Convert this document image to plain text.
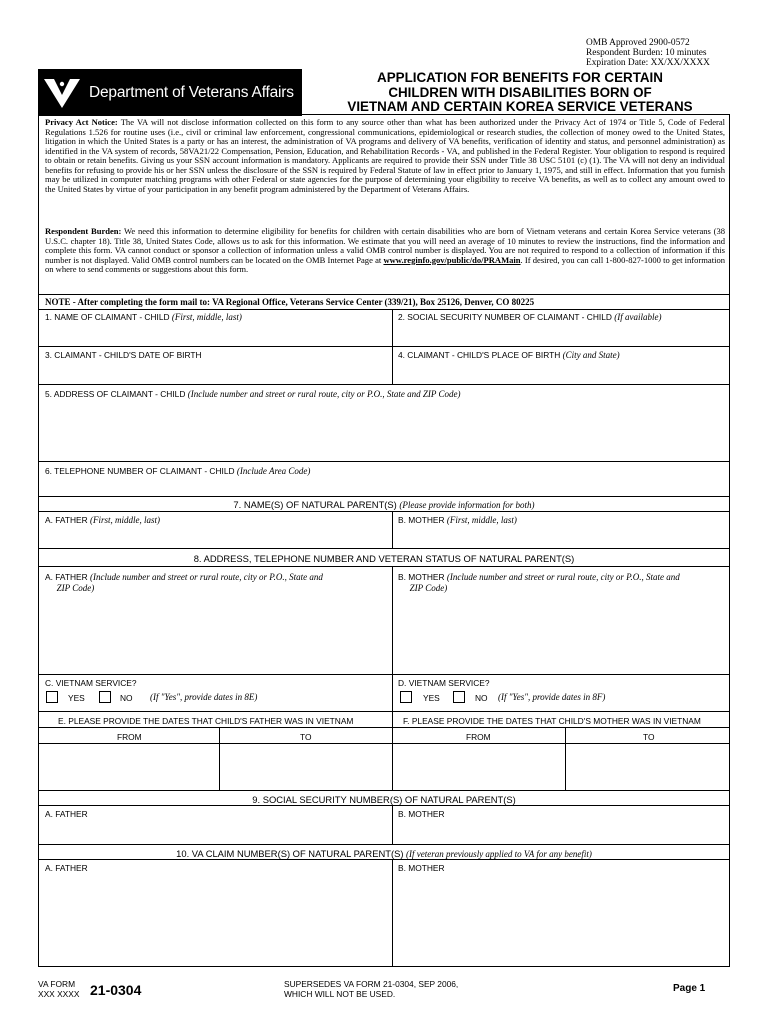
OMB Approved 2900-0572
Respondent Burden: 10 minutes
Expiration Date: XX/XX/XXXX
Department of Veterans Affairs
APPLICATION FOR BENEFITS FOR CERTAIN
CHILDREN WITH DISABILITIES BORN OF
VIETNAM AND CERTAIN KOREA SERVICE VETERANS
Privacy Act Notice: The VA will not disclose information collected on this form to any source other than what has been authorized under the Privacy Act of 1974 or Title 5, Code of Federal Regulations 1.526 for routine uses (i.e., civil or criminal law enforcement, congressional communications, epidemiological or research studies, the collection of money owed to the United States, litigation in which the United States is a party or has an interest, the administration of VA programs and delivery of VA benefits, verification of identity and status, and personnel administration) as identified in the VA system of records, 58VA21/22 Compensation, Pension, Education, and Rehabilitation Records - VA, and published in the Federal Register. Your obligation to respond is required to obtain or retain benefits. Giving us your SSN account information is mandatory. Applicants are required to provide their SSN under Title 38 USC 5101 (c) (1). The VA will not deny an individual benefits for refusing to provide his or her SSN unless the disclosure of the SSN is required by Federal Statute of law in effect prior to January 1, 1975, and still in effect. Information that you furnish may be utilized in computer matching programs with other Federal or state agencies for the purpose of determining your eligibility to receive VA benefits, as well as to collect any amount owed to the United States by virtue of your participation in any benefit program administered by the Department of Veterans Affairs.
Respondent Burden: We need this information to determine eligibility for benefits for children with certain disabilities who are born of Vietnam veterans and certain Korea Service veterans (38 U.S.C. chapter 18). Title 38, United States Code, allows us to ask for this information. We estimate that you will need an average of 10 minutes to review the instructions, find the information and complete this form. VA cannot conduct or sponsor a collection of information unless a valid OMB control number is displayed. You are not required to respond to a collection of information if this number is not displayed. Valid OMB control numbers can be located on the OMB Internet Page at www.reginfo.gov/public/do/PRAMain. If desired, you can call 1-800-827-1000 to get information on where to send comments or suggestions about this form.
NOTE - After completing the form mail to: VA Regional Office, Veterans Service Center (339/21), Box 25126, Denver, CO 80225
1. NAME OF CLAIMANT - CHILD (First, middle, last)	2. SOCIAL SECURITY NUMBER OF CLAIMANT - CHILD (If available)
3. CLAIMANT - CHILD'S DATE OF BIRTH	4. CLAIMANT - CHILD'S PLACE OF BIRTH (City and State)
5. ADDRESS OF CLAIMANT - CHILD (Include number and street or rural route, city or P.O., State and ZIP Code)
6. TELEPHONE NUMBER OF CLAIMANT - CHILD (Include Area Code)
7. NAME(S) OF NATURAL PARENT(S) (Please provide information for both)
A. FATHER (First, middle, last)	B. MOTHER (First, middle, last)
8. ADDRESS, TELEPHONE NUMBER AND VETERAN STATUS OF NATURAL PARENT(S)
A. FATHER (Include number and street or rural route, city or P.O., State and
ZIP Code)
B. MOTHER (Include number and street or rural route, city or P.O., State and
ZIP Code)
C. VIETNAM SERVICE?	D. VIETNAM SERVICE?
YES	NO (If "Yes", provide dates in 8E)	YES	NO (If "Yes", provide dates in 8F)
E. PLEASE PROVIDE THE DATES THAT CHILD'S FATHER WAS IN VIETNAM	F. PLEASE PROVIDE THE DATES THAT CHILD'S MOTHER WAS IN VIETNAM
FROM	TO	FROM	TO
9. SOCIAL SECURITY NUMBER(S) OF NATURAL PARENT(S)
A. FATHER	B. MOTHER
10. VA CLAIM NUMBER(S) OF NATURAL PARENT(S) (If veteran previously applied to VA for any benefit)
A. FATHER	B. MOTHER
VA FORM
XXX XXXX 21-0304	SUPERSEDES VA FORM 21-0304, SEP 2006,
WHICH WILL NOT BE USED.	Page 1
